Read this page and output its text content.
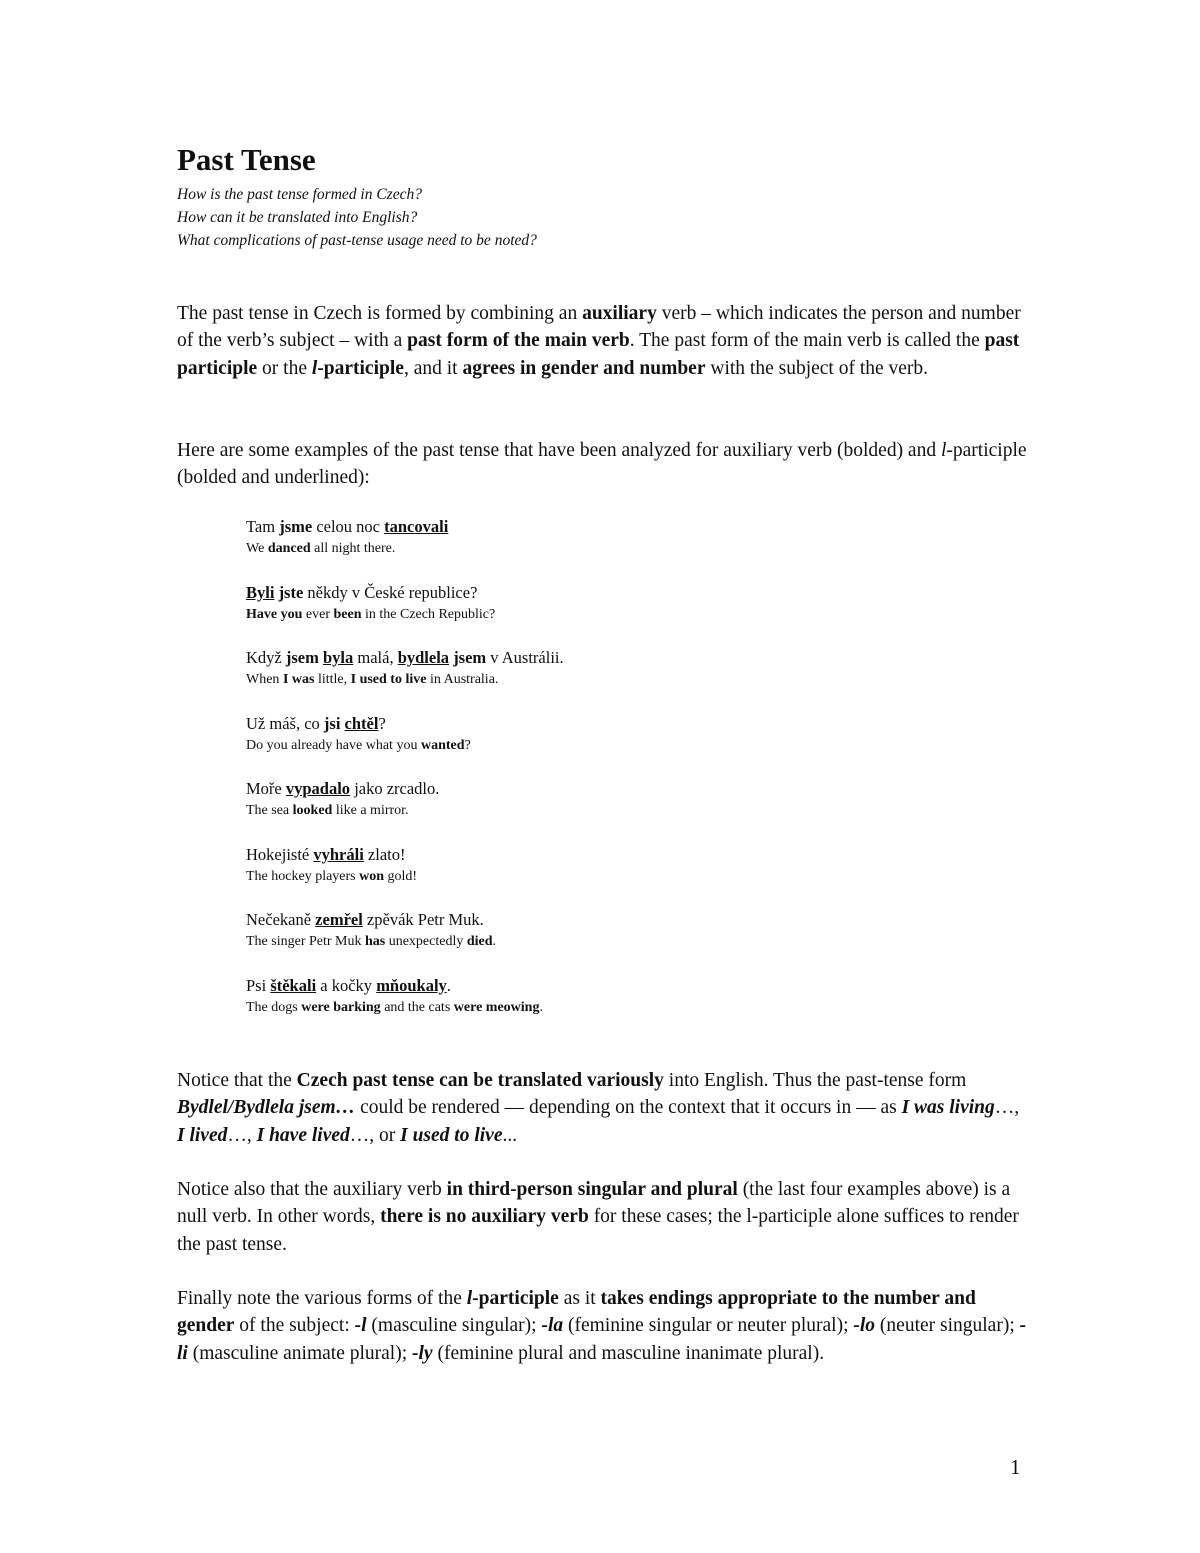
Past Tense
How is the past tense formed in Czech?
How can it be translated into English?
What complications of past-tense usage need to be noted?

The past tense in Czech is formed by combining an auxiliary verb – which indicates the person and number of the verb’s subject – with a past form of the main verb. The past form of the main verb is called the past participle or the l-participle, and it agrees in gender and number with the subject of the verb.

Here are some examples of the past tense that have been analyzed for auxiliary verb (bolded) and l-participle (bolded and underlined):

Tam jsme celou noc tancovali
We danced all night there.
Byli jste někdy v České republice?
Have you ever been in the Czech Republic?
Když jsem byla malá, bydlela jsem v Austrálii.
When I was little, I used to live in Australia.
Už máš, co jsi chtěl?
Do you already have what you wanted?
Moře vypadalo jako zrcadlo.
The sea looked like a mirror.
Hokejisté vyhráli zlato!
The hockey players won gold!
Nečekaně zemřel zpěvák Petr Muk.
The singer Petr Muk has unexpectedly died.
Psi štěkali a kočky mňoukaly.
The dogs were barking and the cats were meowing.

Notice that the Czech past tense can be translated variously into English. Thus the past-tense form Bydlel/Bydlela jsem… could be rendered — depending on the context that it occurs in — as I was living…, I lived…, I have lived…, or I used to live...

Notice also that the auxiliary verb in third-person singular and plural (the last four examples above) is a null verb. In other words, there is no auxiliary verb for these cases; the l-participle alone suffices to render the past tense.

Finally note the various forms of the l-participle as it takes endings appropriate to the number and gender of the subject: -l (masculine singular); -la (feminine singular or neuter plural); -lo (neuter singular); -li (masculine animate plural); -ly (feminine plural and masculine inanimate plural).

1
